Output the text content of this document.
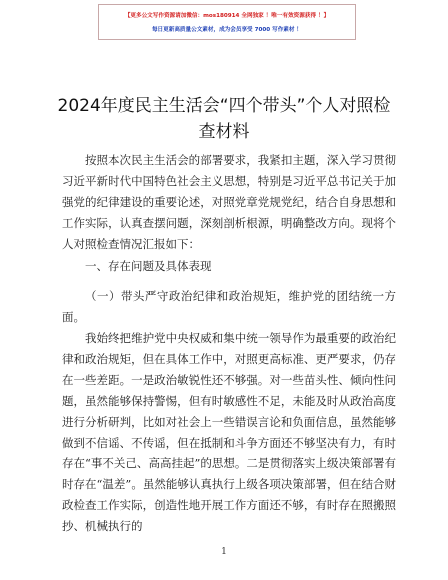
【更多公文写作资源请加微信：mos180914 全网独家 ！唯一有效资源获得 ！】
每日更新高质量公文素材，成为会员享受 7000 写作素材 ！
2024年度民主生活会“四个带头”个人对照检
查材料

按照本次民主生活会的部署要求，我紧扣主题，深入学习贯彻习近平新时代中国特色社会主义思想，特别是习近平总书记关于加强党的纪律建设的重要论述，对照党章党规党纪，结合自身思想和工作实际，认真查摆问题，深刻剖析根源，明确整改方向。现将个人对照检查情况汇报如下：

一、存在问题及具体表现

（一）带头严守政治纪律和政治规矩，维护党的团结统一方面。

我始终把维护党中央权威和集中统一领导作为最重要的政治纪律和政治规矩，但在具体工作中，对照更高标准、更严要求，仍存在一些差距。一是政治敏锐性还不够强。对一些苗头性、倾向性问题，虽然能够保持警惕，但有时敏感性不足，未能及时从政治高度进行分析研判，比如对社会上一些错误言论和负面信息，虽然能够做到不信谣、不传谣，但在抵制和斗争方面还不够坚决有力，有时存在“事不关己、高高挂起”的思想。二是贯彻落实上级决策部署有时存在“温差”。虽然能够认真执行上级各项决策部署，但在结合财政检查工作实际，创造性地开展工作方面还不够，有时存在照搬照抄、机械执行的

1
